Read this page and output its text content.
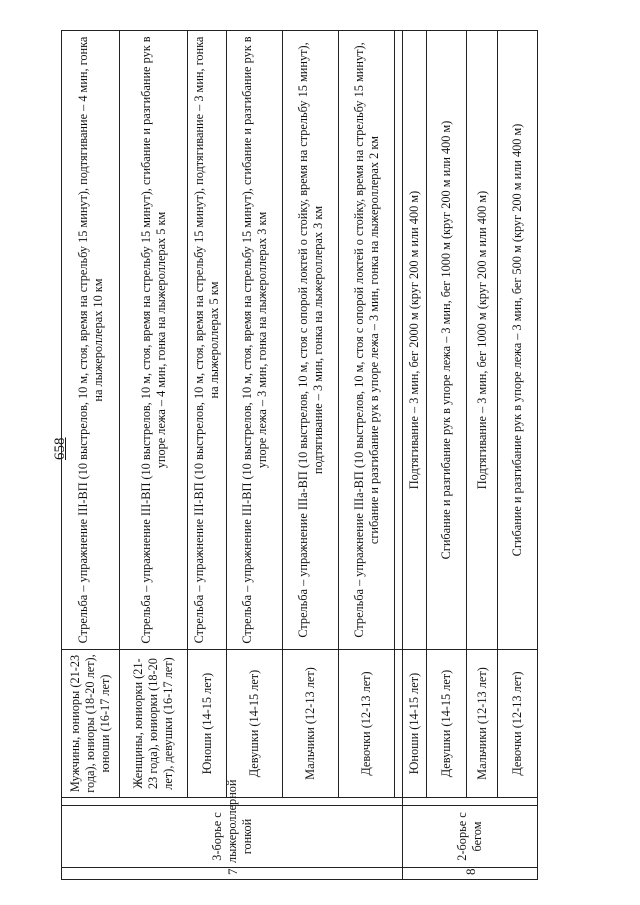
658
7	3-борье с лыжероллерной гонкой		Мужчины, юниоры (21-23 года), юниоры (18-20 лет), юноши (16-17 лет)	Стрельба – упражнение III-ВП (10 выстрелов, 10 м, стоя, время на стрельбу 15 минут), подтягивание – 4 мин, гонка на лыжероллерах 10 км
			Женщины, юниорки (21-23 года), юниорки (18-20 лет), девушки (16-17 лет)	Стрельба – упражнение III-ВП (10 выстрелов, 10 м, стоя, время на стрельбу 15 минут), сгибание и разгибание рук в упоре лежа – 4 мин, гонка на лыжероллерах 5 км
			Юноши (14-15 лет)	Стрельба – упражнение III-ВП (10 выстрелов, 10 м, стоя, время на стрельбу 15 минут), подтягивание – 3 мин, гонка на лыжероллерах 5 км
			Девушки (14-15 лет)	Стрельба – упражнение III-ВП (10 выстрелов, 10 м, стоя, время на стрельбу 15 минут), сгибание и разгибание рук в упоре лежа – 3 мин, гонка на лыжероллерах 3 км
			Мальчики (12-13 лет)	Стрельба – упражнение IIIа-ВП (10 выстрелов, 10 м, стоя с опорой локтей о стойку, время на стрельбу 15 минут), подтягивание – 3 мин, гонка на лыжероллерах 3 км
			Девочки (12-13 лет)	Стрельба – упражнение IIIа-ВП (10 выстрелов, 10 м, стоя с опорой локтей о стойку, время на стрельбу 15 минут), сгибание и разгибание рук в упоре лежа – 3 мин, гонка на лыжероллерах 2 км

8	2-борье с бегом		Юноши (14-15 лет)	Подтягивание – 3 мин, бег 2000 м (круг 200 м или 400 м)
			Девушки (14-15 лет)	Сгибание и разгибание рук в упоре лежа – 3 мин, бег 1000 м (круг 200 м или 400 м)
			Мальчики (12-13 лет)	Подтягивание – 3 мин, бег 1000 м (круг 200 м или 400 м)
			Девочки (12-13 лет)	Сгибание и разгибание рук в упоре лежа – 3 мин, бег 500 м (круг 200 м или 400 м)
